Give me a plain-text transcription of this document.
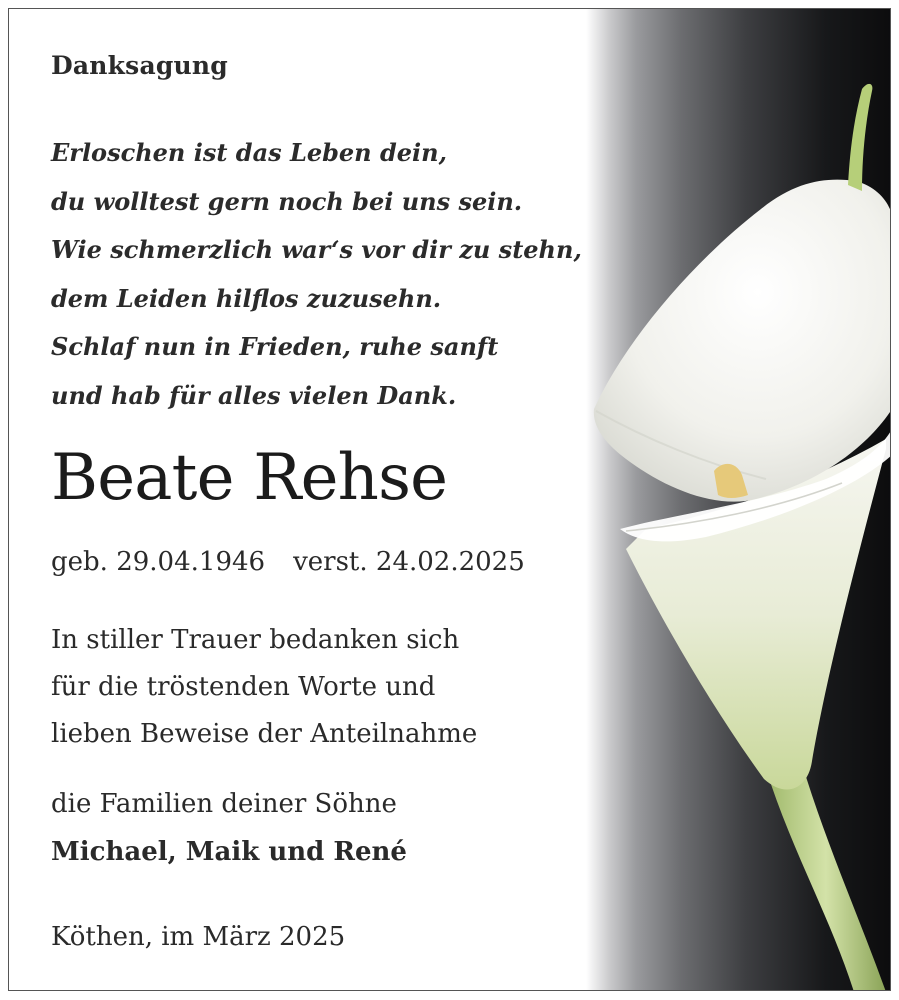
Danksagung

Erloschen ist das Leben dein,
du wolltest gern noch bei uns sein.
Wie schmerzlich war‘s vor dir zu stehn,
dem Leiden hilflos zuzusehn.
Schlaf nun in Frieden, ruhe sanft
und hab für alles vielen Dank.

Beate Rehse

geb. 29.04.1946 verst. 24.02.2025

In stiller Trauer bedanken sich
für die tröstenden Worte und
lieben Beweise der Anteilnahme

die Familien deiner Söhne

Michael, Maik und René

Köthen, im März 2025
